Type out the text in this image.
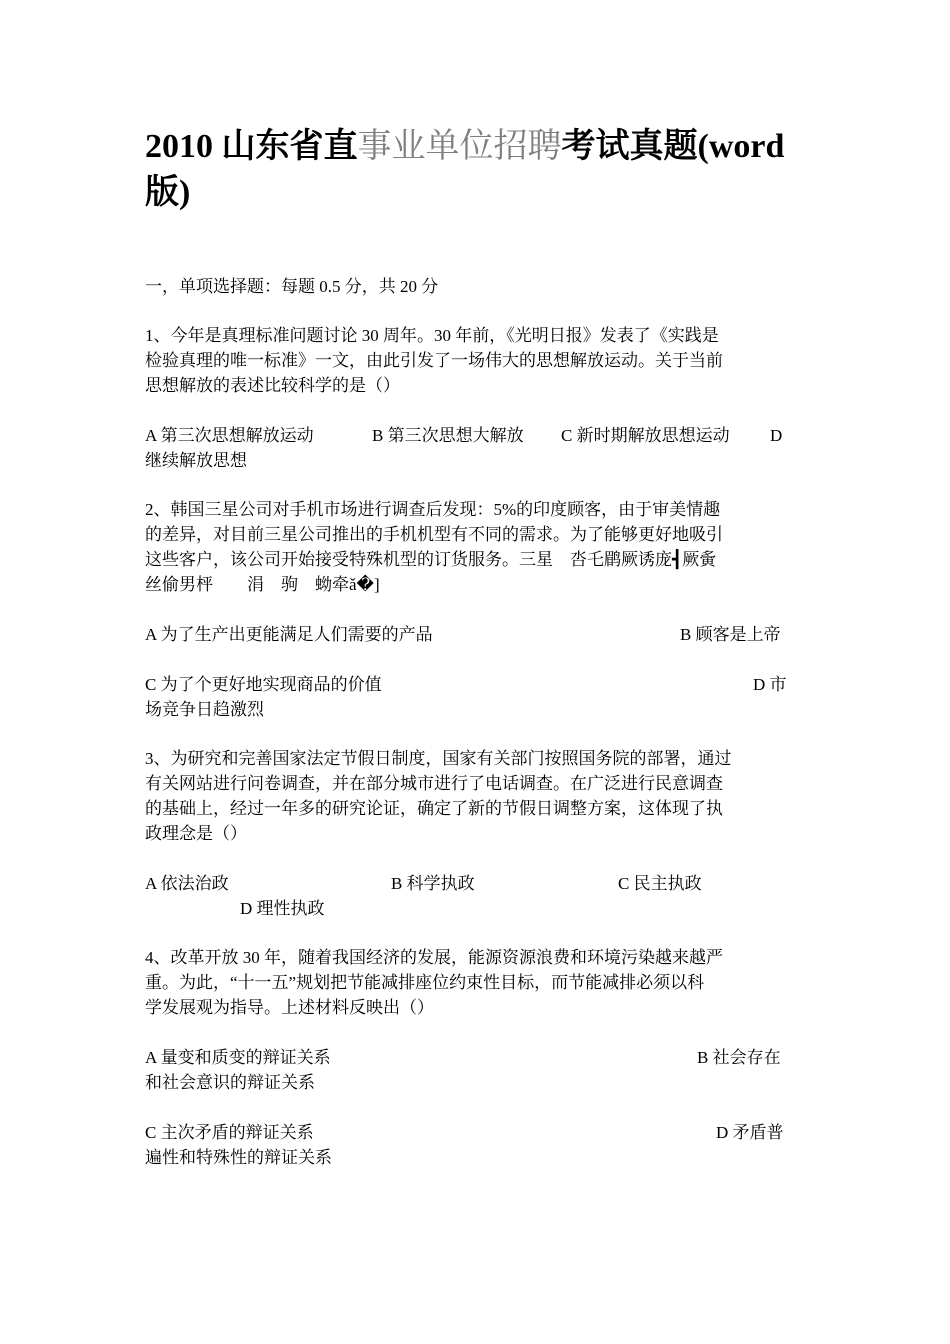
2010 山东省直事业单位招聘考试真题(word
版)

一，单项选择题：每题 0.5 分，共 20 分

1、今年是真理标准问题讨论 30 周年。30 年前，《光明日报》发表了《实践是

检验真理的唯一标准》一文，由此引发了一场伟大的思想解放运动。关于当前

思想解放的表述比较科学的是（）

A 第三次思想解放运动	B 第三次思想大解放 C 新时期解放思想运动 D

继续解放思想

2、韩国三星公司对手机市场进行调查后发现：5%的印度顾客，由于审美情趣

的差异，对目前三星公司推出的手机机型有不同的需求。为了能够更好地吸引

这些客户，该公司开始接受特殊机型的订货服务。三星　呇乇鹛厥诱庞┫厥夤

丝偷男枰　　涓　驹　蚴牵ǎ�]

A 为了生产出更能满足人们需要的产品	B 顾客是上帝
C 为了个更好地实现商品的价值	D 市

场竞争日趋激烈

3、为研究和完善国家法定节假日制度，国家有关部门按照国务院的部署，通过

有关网站进行问卷调查，并在部分城市进行了电话调查。在广泛进行民意调查

的基础上，经过一年多的研究论证，确定了新的节假日调整方案，这体现了执

政理念是（）

A 依法治政	B 科学执政	C 民主执政
D 理性执政

4、改革开放 30 年，随着我国经济的发展，能源资源浪费和环境污染越来越严

重。为此，“十一五”规划把节能减排座位约束性目标，而节能减排必须以科

学发展观为指导。上述材料反映出（）

A 量变和质变的辩证关系	B 社会存在

和社会意识的辩证关系

C 主次矛盾的辩证关系	D 矛盾普

遍性和特殊性的辩证关系
